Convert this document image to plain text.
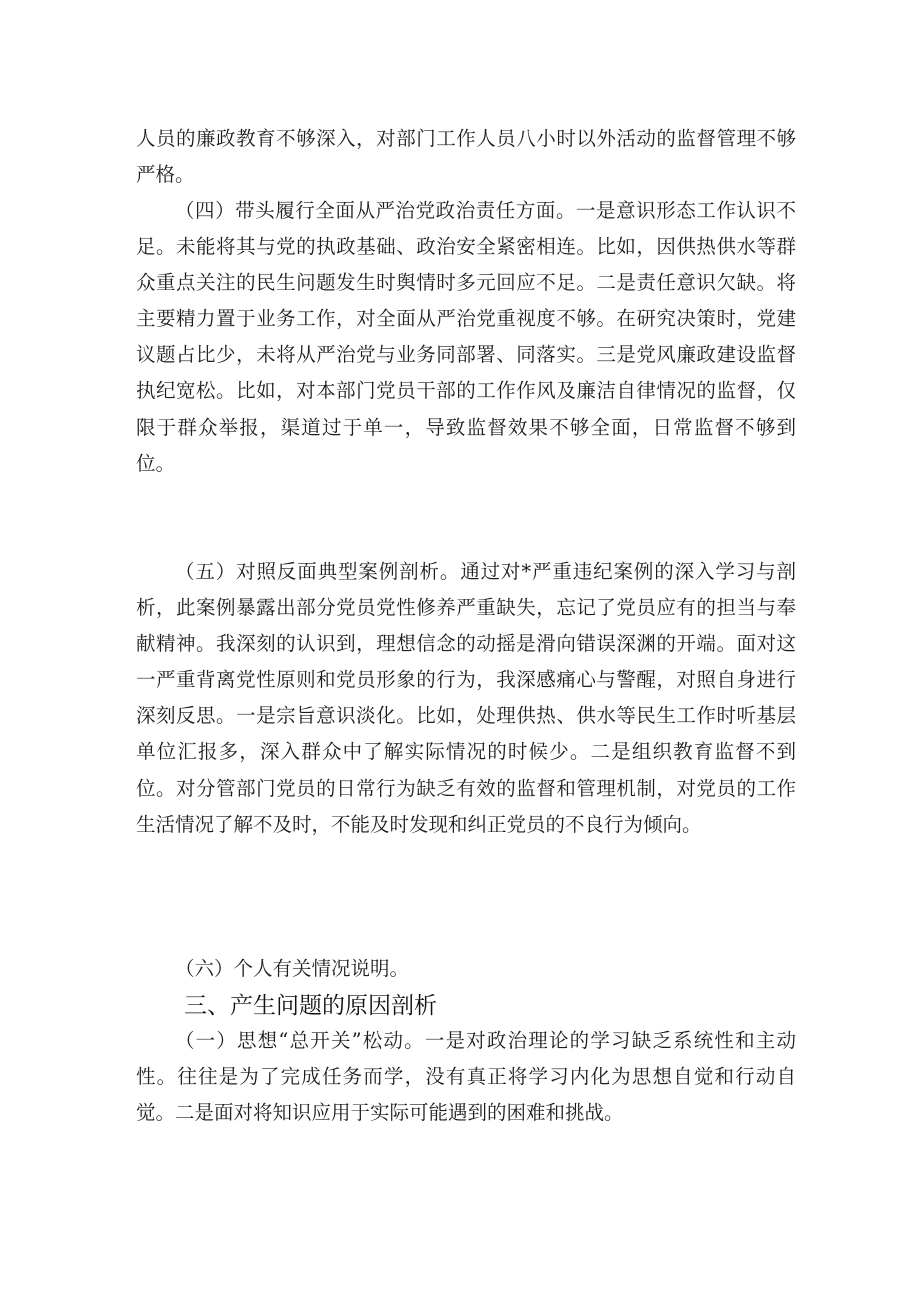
人员的廉政教育不够深入，对部门工作人员八小时以外活动的监督管理不够严格。

（四）带头履行全面从严治党政治责任方面。一是意识形态工作认识不足。未能将其与党的执政基础、政治安全紧密相连。比如，因供热供水等群众重点关注的民生问题发生时舆情时多元回应不足。二是责任意识欠缺。将主要精力置于业务工作，对全面从严治党重视度不够。在研究决策时，党建议题占比少，未将从严治党与业务同部署、同落实。三是党风廉政建设监督执纪宽松。比如，对本部门党员干部的工作作风及廉洁自律情况的监督，仅限于群众举报，渠道过于单一，导致监督效果不够全面，日常监督不够到位。

（五）对照反面典型案例剖析。通过对*严重违纪案例的深入学习与剖析，此案例暴露出部分党员党性修养严重缺失，忘记了党员应有的担当与奉献精神。我深刻的认识到，理想信念的动摇是滑向错误深渊的开端。面对这一严重背离党性原则和党员形象的行为，我深感痛心与警醒，对照自身进行深刻反思。一是宗旨意识淡化。比如，处理供热、供水等民生工作时听基层单位汇报多，深入群众中了解实际情况的时候少。二是组织教育监督不到位。对分管部门党员的日常行为缺乏有效的监督和管理机制，对党员的工作生活情况了解不及时，不能及时发现和纠正党员的不良行为倾向。

（六）个人有关情况说明。

三、产生问题的原因剖析

（一）思想“总开关”松动。一是对政治理论的学习缺乏系统性和主动性。往往是为了完成任务而学，没有真正将学习内化为思想自觉和行动自觉。二是面对将知识应用于实际可能遇到的困难和挑战。
